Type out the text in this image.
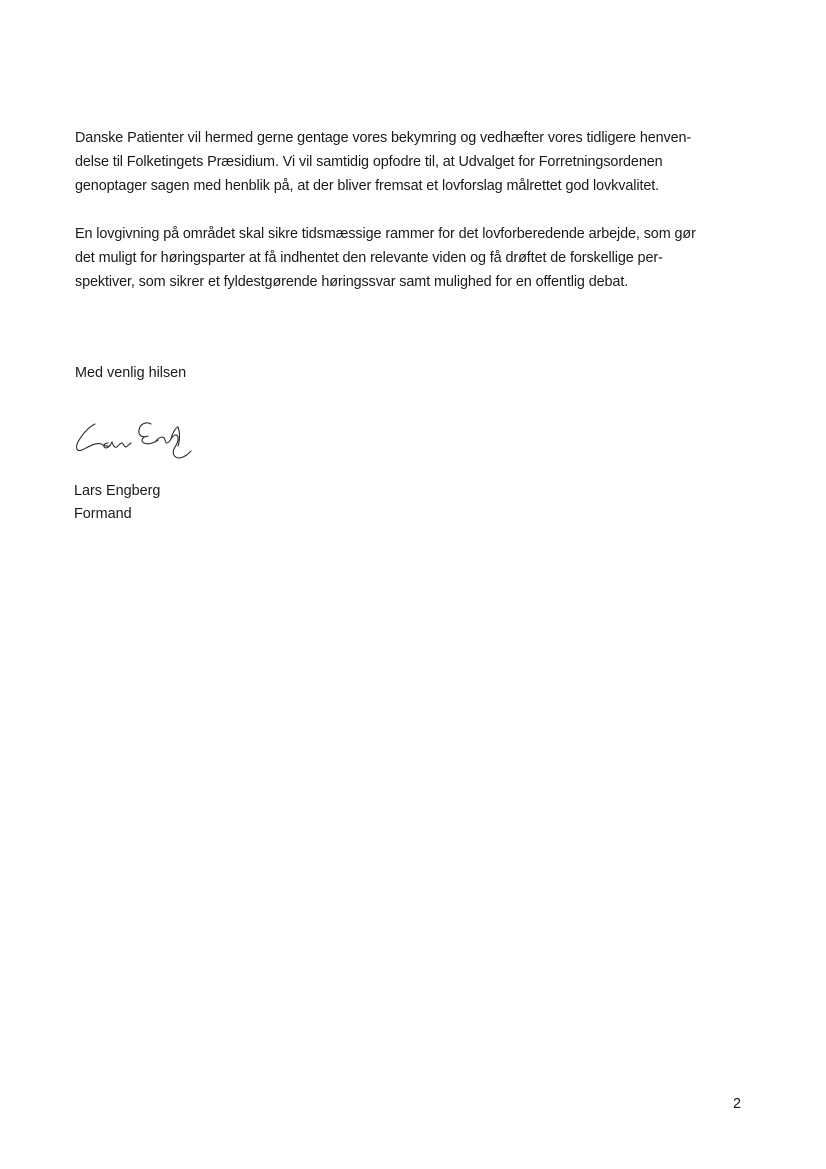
Danske Patienter vil hermed gerne gentage vores bekymring og vedhæfter vores tidligere henven-
delse til Folketingets Præsidium. Vi vil samtidig opfodre til, at Udvalget for Forretningsordenen
genoptager sagen med henblik på, at der bliver fremsat et lovforslag målrettet god lovkvalitet.

En lovgivning på området skal sikre tidsmæssige rammer for det lovforberedende arbejde, som gør
det muligt for høringsparter at få indhentet den relevante viden og få drøftet de forskellige per-
spektiver, som sikrer et fyldestgørende høringssvar samt mulighed for en offentlig debat.

Med venlig hilsen

Lars Engberg

Formand

2
